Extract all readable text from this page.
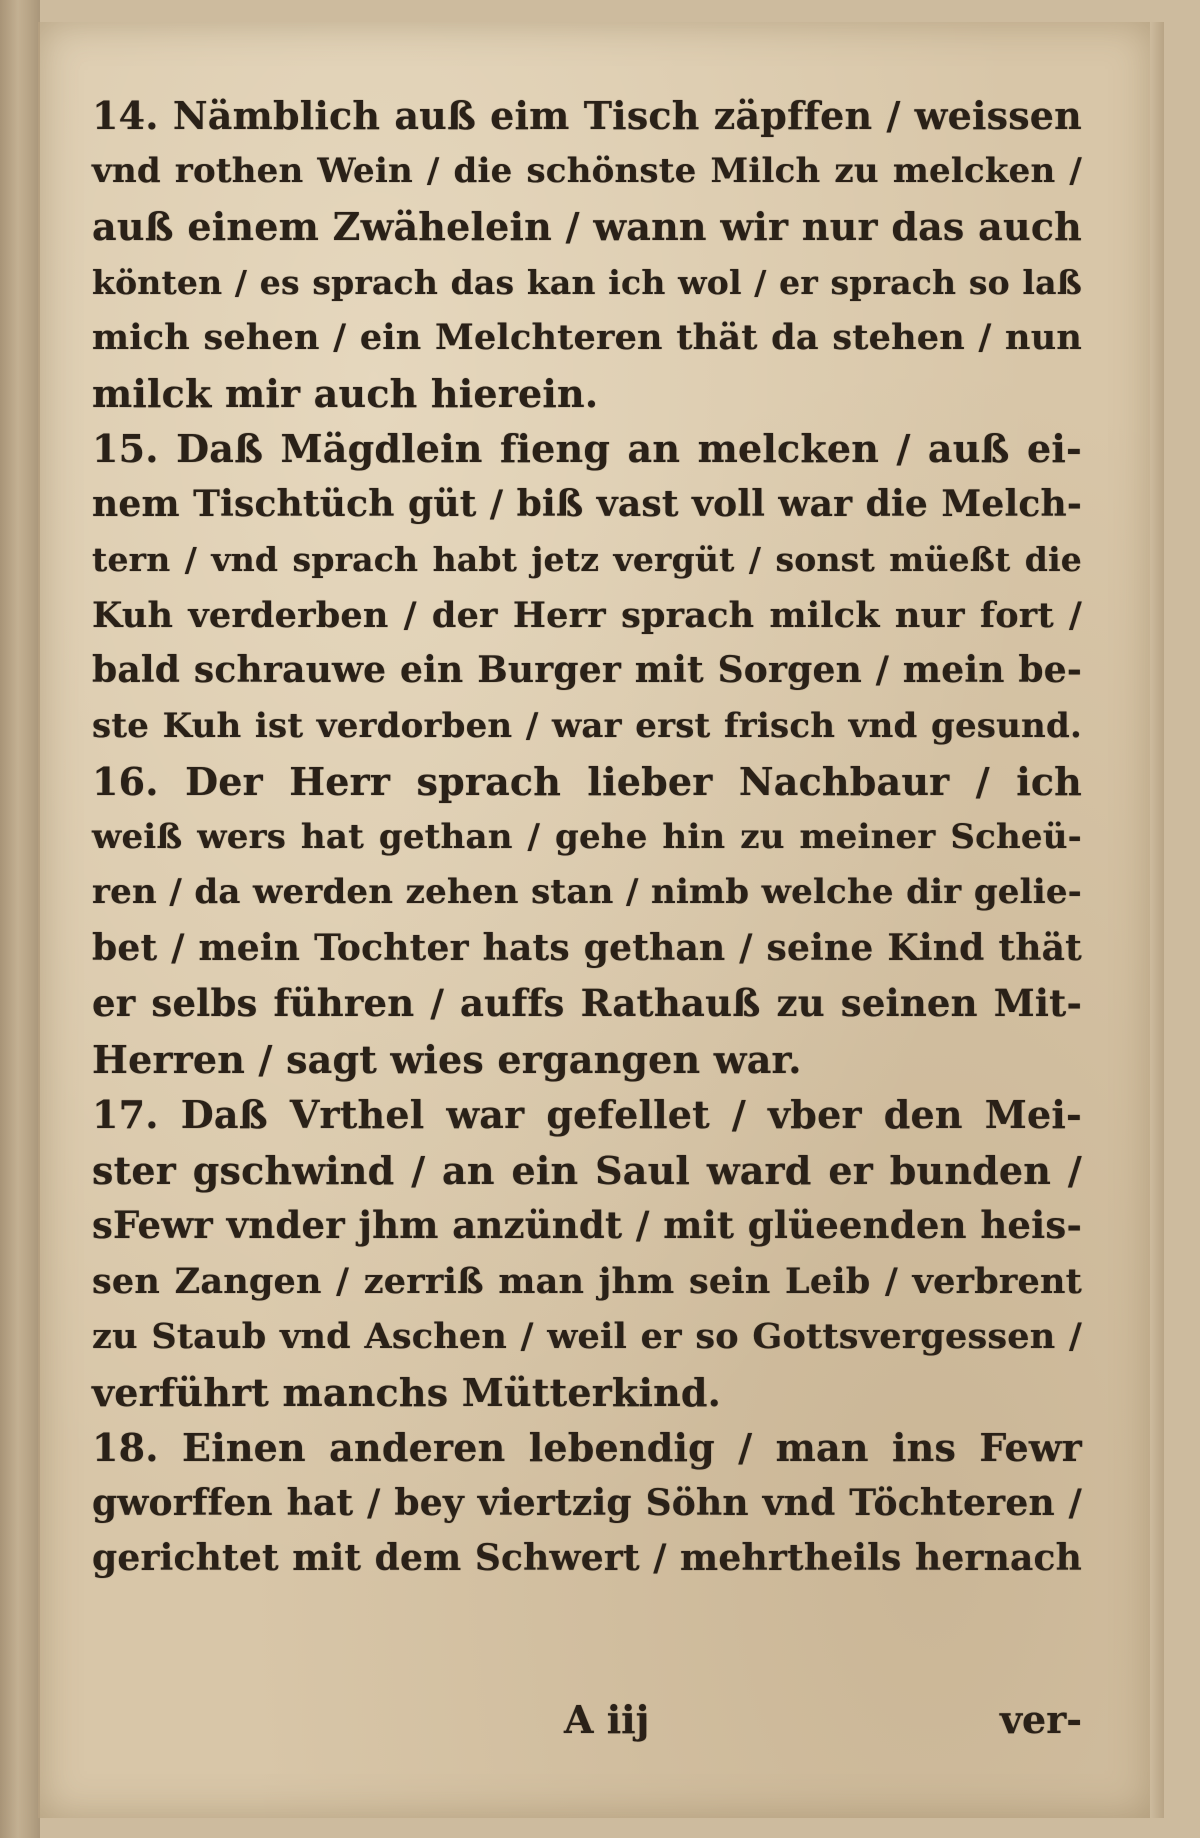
14. Nämblich auß eim Tisch zäpffen / weissen
vnd rothen Wein / die schönste Milch zu melcken /
auß einem Zwähelein / wann wir nur das auch
könten / es sprach das kan ich wol / er sprach so laß
mich sehen / ein Melchteren thät da stehen / nun
milck mir auch hierein.
15. Daß Mägdlein fieng an melcken / auß ei-
nem Tischtüch güt / biß vast voll war die Melch-
tern / vnd sprach habt jetz vergüt / sonst müeßt die
Kuh verderben / der Herr sprach milck nur fort /
bald schrauwe ein Burger mit Sorgen / mein be-
ste Kuh ist verdorben / war erst frisch vnd gesund.
16. Der Herr sprach lieber Nachbaur / ich
weiß wers hat gethan / gehe hin zu meiner Scheü-
ren / da werden zehen stan / nimb welche dir gelie-
bet / mein Tochter hats gethan / seine Kind thät
er selbs führen / auffs Rathauß zu seinen Mit-
Herren / sagt wies ergangen war.
17. Daß Vrthel war gefellet / vber den Mei-
ster gschwind / an ein Saul ward er bunden /
sFewr vnder jhm anzündt / mit glüeenden heis-
sen Zangen / zerriß man jhm sein Leib / verbrent
zu Staub vnd Aschen / weil er so Gottsvergessen /
verführt manchs Mütterkind.
18. Einen anderen lebendig / man ins Fewr
gworffen hat / bey viertzig Söhn vnd Töchteren /
gerichtet mit dem Schwert / mehrtheils hernach
A iij	ver-
